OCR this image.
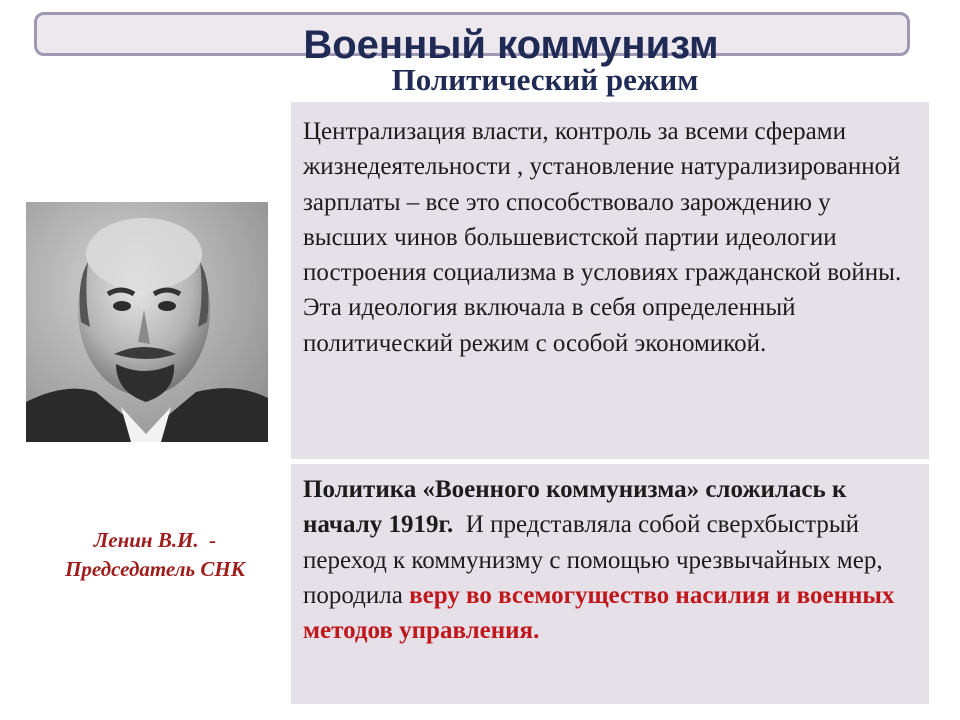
Военный коммунизм
Политический режим
Ленин В.И.  -
Председатель СНК

Централизация власти, контроль за всеми сферами жизнедеятельности , установление натурализированной зарплаты – все это способствовало зарождению у высших чинов большевистской партии идеологии построения социализма в условиях гражданской войны. Эта идеология включала в себя определенный политический режим с особой экономикой.

Политика «Военного коммунизма» сложилась к началу 1919г.  И представляла собой сверхбыстрый переход к коммунизму с помощью чрезвычайных мер, породила веру во всемогущество насилия и военных методов управления.
